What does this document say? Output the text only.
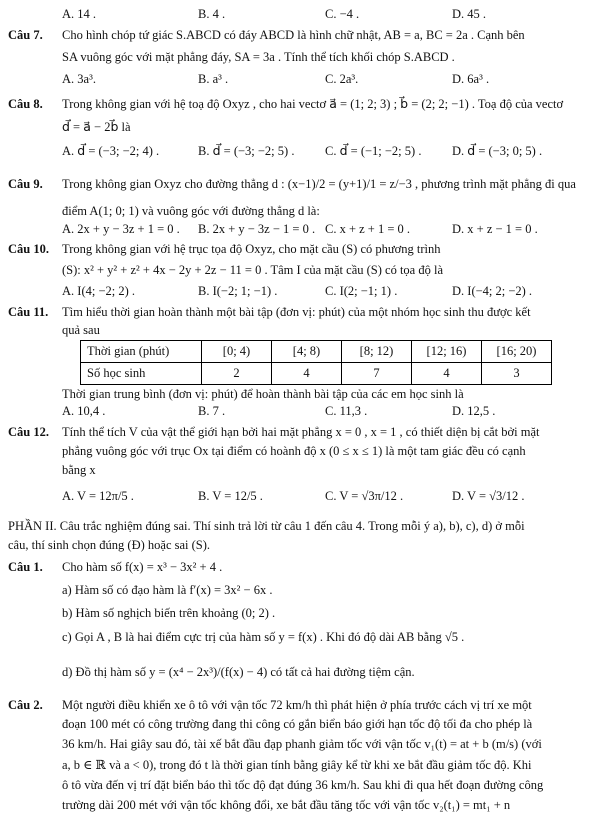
A. 14 .	B. 4 .	C. −4 .	D. 45 .
Câu 7. Cho hình chóp tứ giác S.ABCD có đáy ABCD là hình chữ nhật, AB = a, BC = 2a . Cạnh bên
SA vuông góc với mặt phẳng đáy, SA = 3a . Tính thể tích khối chóp S.ABCD .
A. 3a³.	B. a³ .	C. 2a³.	D. 6a³ .
Câu 8. Trong không gian với hệ toạ độ Oxyz , cho hai vectơ a⃗ = (1; 2; 3) ; b⃗ = (2; 2; −1) . Toạ độ của vectơ
d⃗ = a⃗ − 2b⃗ là
A. d⃗ = (−3; −2; 4) .	B. d⃗ = (−3; −2; 5) . C. d⃗ = (−1; −2; 5) . D. d⃗ = (−3; 0; 5) .
Câu 9. Trong không gian Oxyz cho đường thẳng d : (x−1)/2 = (y+1)/1 = z/−3 , phương trình mặt phẳng đi qua
điểm A(1; 0; 1) và vuông góc với đường thẳng d là:
A. 2x + y − 3z + 1 = 0 . B. 2x + y − 3z − 1 = 0 . C. x + z + 1 = 0 .	D. x + z − 1 = 0 .
Câu 10. Trong không gian với hệ trục tọa độ Oxyz, cho mặt cầu (S) có phương trình
(S): x² + y² + z² + 4x − 2y + 2z − 11 = 0 . Tâm I của mặt cầu (S) có tọa độ là
A. I(4; −2; 2) .	B. I(−2; 1; −1) .	C. I(2; −1; 1) .	D. I(−4; 2; −2) .
Câu 11. Tìm hiểu thời gian hoàn thành một bài tập (đơn vị: phút) của một nhóm học sinh thu được kết
quả sau
Thời gian (phút)	[0; 4)	[4; 8)	[8; 12)	[12; 16)	[16; 20)
Số học sinh	2	4	7	4	3
Thời gian trung bình (đơn vị: phút) để hoàn thành bài tập của các em học sinh là
A. 10,4 .	B. 7 .	C. 11,3 .	D. 12,5 .
Câu 12. Tính thể tích V của vật thể giới hạn bởi hai mặt phẳng x = 0 , x = 1 , có thiết diện bị cắt bởi mặt
phẳng vuông góc với trục Ox tại điểm có hoành độ x (0 ≤ x ≤ 1) là một tam giác đều có cạnh
bằng x
A. V = 12π/5 .	B. V = 12/5 .	C. V = √3π/12 .	D. V = √3/12 .
PHẦN II. Câu trắc nghiệm đúng sai. Thí sinh trả lời từ câu 1 đến câu 4. Trong mỗi ý a), b), c), d) ở mỗi
câu, thí sinh chọn đúng (Đ) hoặc sai (S).
Câu 1. Cho hàm số f(x) = x³ − 3x² + 4 .
a) Hàm số có đạo hàm là f′(x) = 3x² − 6x .
b) Hàm số nghịch biến trên khoảng (0; 2) .
c) Gọi A , B là hai điểm cực trị của hàm số y = f(x) . Khi đó độ dài AB bằng √5 .
d) Đồ thị hàm số y = (x⁴ − 2x³)/(f(x) − 4) có tất cả hai đường tiệm cận.
Câu 2. Một người điều khiển xe ô tô với vận tốc 72 km/h thì phát hiện ở phía trước cách vị trí xe một
đoạn 100 mét có công trường đang thi công có gắn biển báo giới hạn tốc độ tối đa cho phép là
36 km/h. Hai giây sau đó, tài xế bắt đầu đạp phanh giảm tốc với vận tốc v₁(t) = at + b (m/s) (với
a, b ∈ ℝ và a < 0), trong đó t là thời gian tính bằng giây kể từ khi xe bắt đầu giảm tốc độ. Khi
ô tô vừa đến vị trí đặt biển báo thì tốc độ đạt đúng 36 km/h. Sau khi đi qua hết đoạn đường công
trường dài 200 mét với vận tốc không đổi, xe bắt đầu tăng tốc với vận tốc v₂(t₁) = mt₁ + n
